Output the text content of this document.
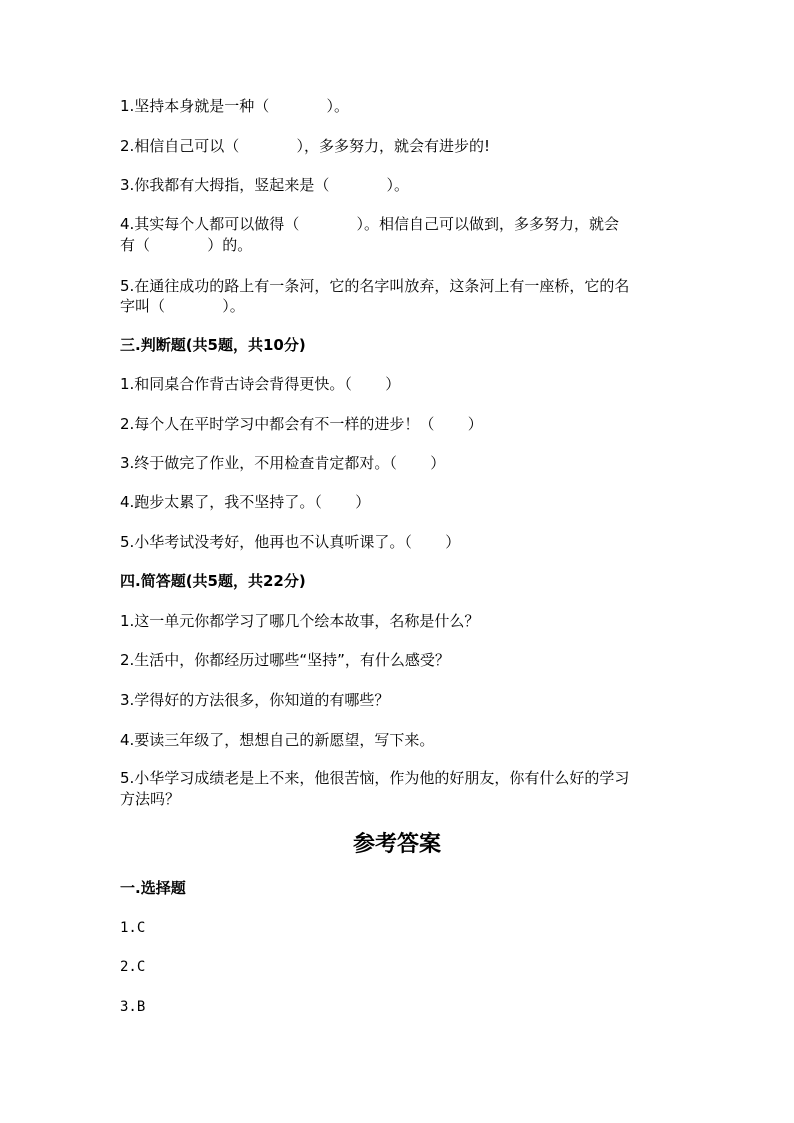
1.坚持本身就是一种（            ）。
2.相信自己可以（            ），多多努力，就会有进步的!
3.你我都有大拇指，竖起来是（            ）。
4.其实每个人都可以做得（            ）。相信自己可以做到，多多努力，就会
有（            ）的。
5.在通往成功的路上有一条河，它的名字叫放弃，这条河上有一座桥，它的名
字叫（            ）。
三.判断题(共5题，共10分)
1.和同桌合作背古诗会背得更快。（       ）
2.每个人在平时学习中都会有不一样的进步！（       ）
3.终于做完了作业，不用检查肯定都对。（       ）
4.跑步太累了，我不坚持了。（       ）
5.小华考试没考好，他再也不认真听课了。（       ）
四.简答题(共5题，共22分)
1.这一单元你都学习了哪几个绘本故事，名称是什么？
2.生活中，你都经历过哪些“坚持”，有什么感受？
3.学得好的方法很多，你知道的有哪些？
4.要读三年级了，想想自己的新愿望，写下来。
5.小华学习成绩老是上不来，他很苦恼，作为他的好朋友，你有什么好的学习
方法吗？
参考答案
一.选择题
1.C
2.C
3.B
